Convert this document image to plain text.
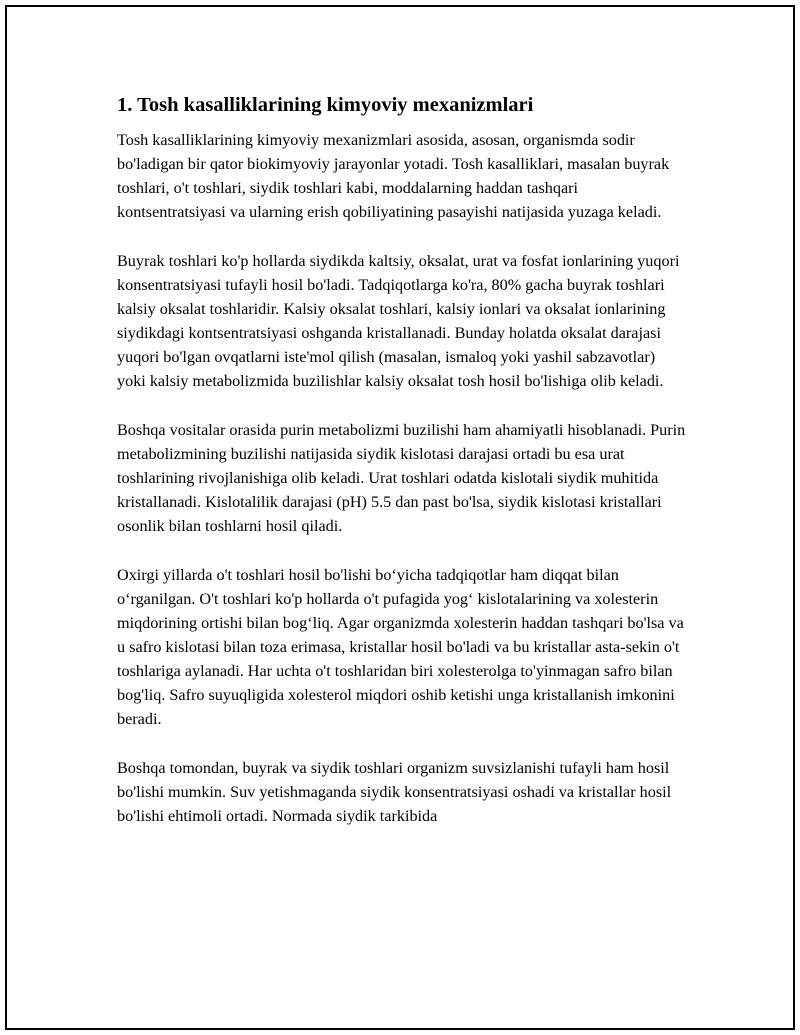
1. Tosh kasalliklarining kimyoviy mexanizmlari

Tosh kasalliklarining kimyoviy mexanizmlari asosida, asosan, organismda sodir bo'ladigan bir qator biokimyoviy jarayonlar yotadi. Tosh kasalliklari, masalan buyrak toshlari, o't toshlari, siydik toshlari kabi, moddalarning haddan tashqari kontsentratsiyasi va ularning erish qobiliyatining pasayishi natijasida yuzaga keladi.

Buyrak toshlari ko'p hollarda siydikda kaltsiy, oksalat, urat va fosfat ionlarining yuqori konsentratsiyasi tufayli hosil bo'ladi. Tadqiqotlarga ko'ra, 80% gacha buyrak toshlari kalsiy oksalat toshlaridir. Kalsiy oksalat toshlari, kalsiy ionlari va oksalat ionlarining siydikdagi kontsentratsiyasi oshganda kristallanadi. Bunday holatda oksalat darajasi yuqori bo'lgan ovqatlarni iste'mol qilish (masalan, ismaloq yoki yashil sabzavotlar) yoki kalsiy metabolizmida buzilishlar kalsiy oksalat tosh hosil bo'lishiga olib keladi.

Boshqa vositalar orasida purin metabolizmi buzilishi ham ahamiyatli hisoblanadi. Purin metabolizmining buzilishi natijasida siydik kislotasi darajasi ortadi bu esa urat toshlarining rivojlanishiga olib keladi. Urat toshlari odatda kislotali siydik muhitida kristallanadi. Kislotalilik darajasi (pH) 5.5 dan past bo'lsa, siydik kislotasi kristallari osonlik bilan toshlarni hosil qiladi.

Oxirgi yillarda o't toshlari hosil bo'lishi bo‘yicha tadqiqotlar ham diqqat bilan o‘rganilgan. O't toshlari ko'p hollarda o't pufagida yog‘ kislotalarining va xolesterin miqdorining ortishi bilan bog‘liq. Agar organizmda xolesterin haddan tashqari bo'lsa va u safro kislotasi bilan toza erimasa, kristallar hosil bo'ladi va bu kristallar asta-sekin o't toshlariga aylanadi. Har uchta o't toshlaridan biri xolesterolga to'yinmagan safro bilan bog'liq. Safro suyuqligida xolesterol miqdori oshib ketishi unga kristallanish imkonini beradi.

Boshqa tomondan, buyrak va siydik toshlari organizm suvsizlanishi tufayli ham hosil bo'lishi mumkin. Suv yetishmaganda siydik konsentratsiyasi oshadi va kristallar hosil bo'lishi ehtimoli ortadi. Normada siydik tarkibida
